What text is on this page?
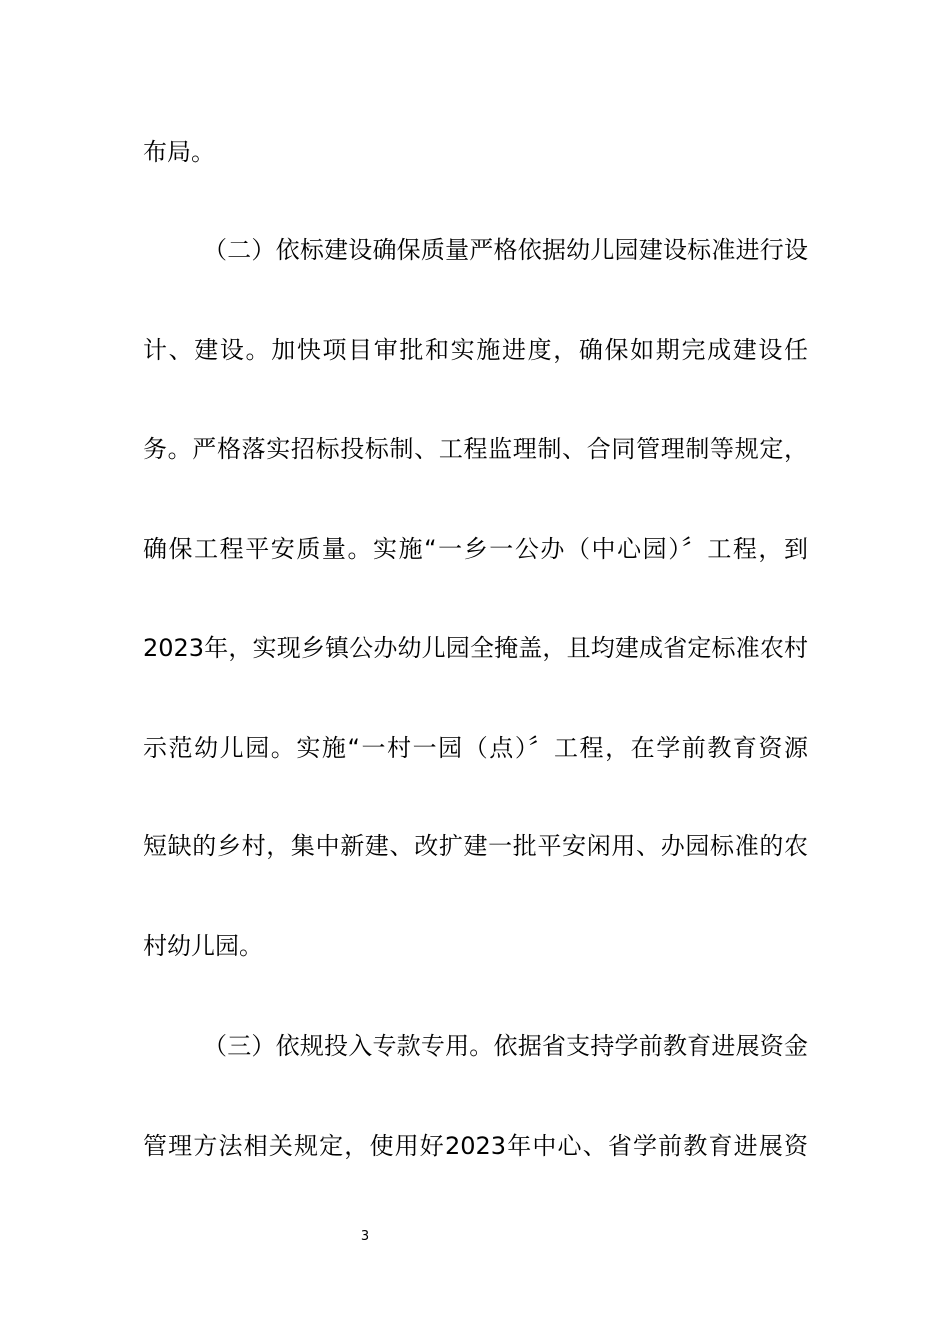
布局。
（二）依标建设确保质量严格依据幼儿园建设标准进行设
计、建设。加快项目审批和实施进度，确保如期完成建设任
务。严格落实招标投标制、工程监理制、合同管理制等规定，
确保工程平安质量。实施“一乡一公办（中心园）〞工程，到
2023年，实现乡镇公办幼儿园全掩盖，且均建成省定标准农村
示范幼儿园。实施“一村一园（点）〞工程，在学前教育资源
短缺的乡村，集中新建、改扩建一批平安闲用、办园标准的农
村幼儿园。
（三）依规投入专款专用。依据省支持学前教育进展资金
管理方法相关规定，使用好2023年中心、省学前教育进展资
3
